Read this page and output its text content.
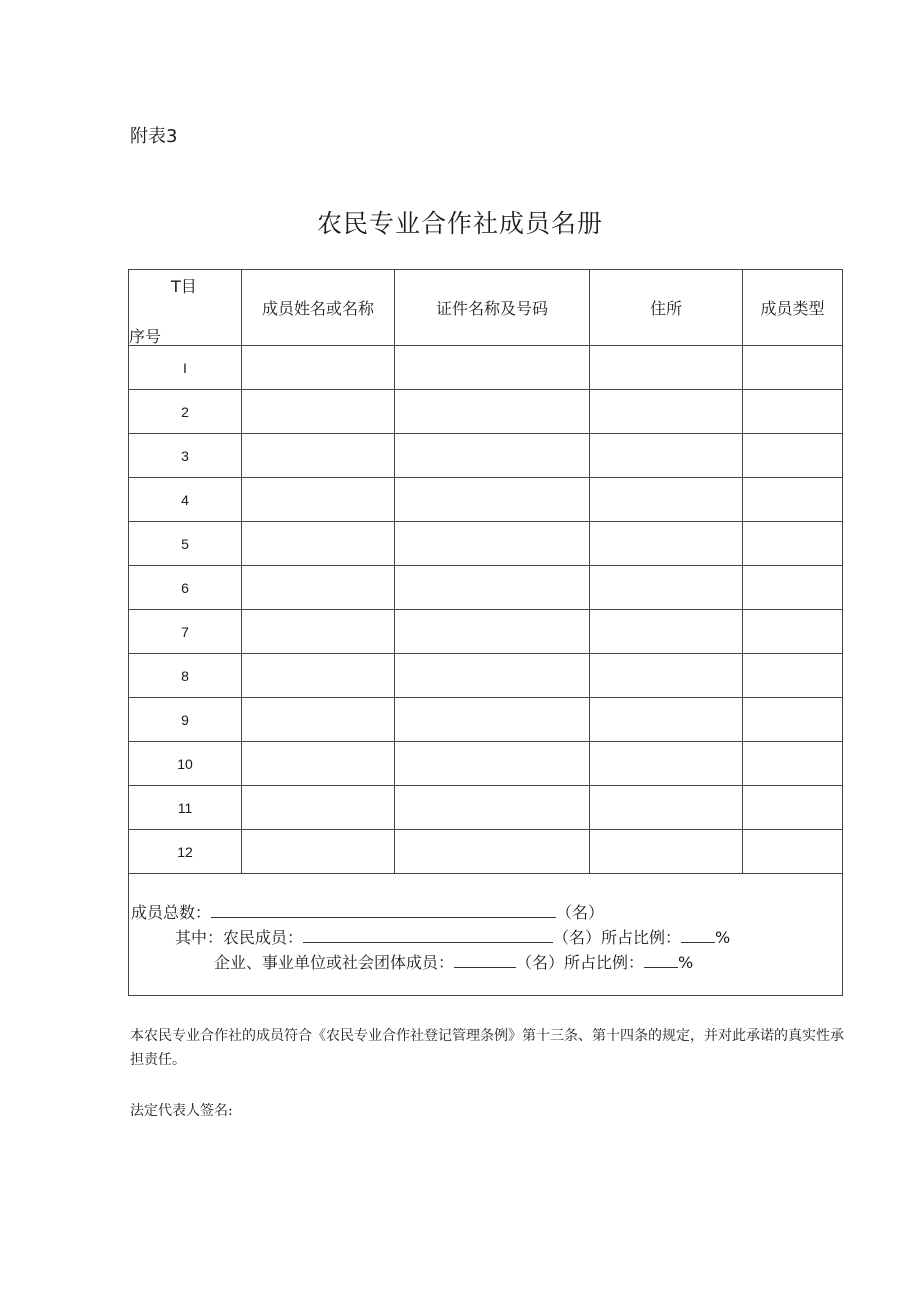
附表3
农民专业合作社成员名册
T目
序号	成员姓名或名称	证件名称及号码	住所	成员类型
I				
2				
3				
4				
5				
6				
7				
8				
9				
10				
11				
12				

成员总数： （名）
其中：农民成员： （名）所占比例： %
企业、事业单位或社会团体成员： （名）所占比例： %				
本农民专业合作社的成员符合《农民专业合作社登记管理条例》第十三条、第十四条的规定，并对此承诺的真实性承担责任。
法定代表人签名:
